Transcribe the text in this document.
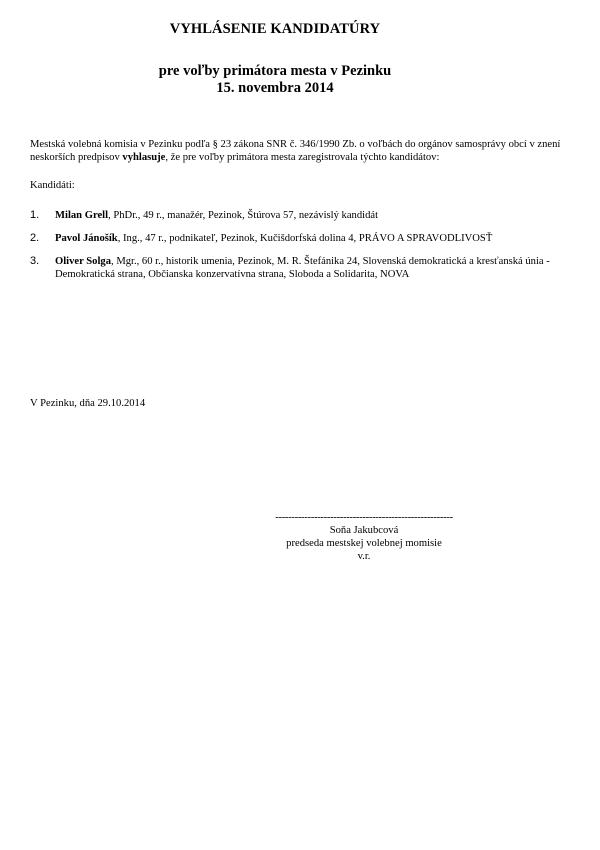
VYHLÁSENIE KANDIDATÚRY
pre voľby primátora mesta v Pezinku
15. novembra 2014

Mestská volebná komisia v Pezinku podľa § 23 zákona SNR č. 346/1990 Zb. o voľbách do orgánov samosprávy obcí v znení neskorších predpisov vyhlasuje, že pre voľby primátora mesta zaregistrovala týchto kandidátov:

Kandidáti:
1. Milan Grell, PhDr., 49 r., manažér, Pezinok, Štúrova 57, nezávislý kandidát
2. Pavol Jánošík, Ing., 47 r., podnikateľ, Pezinok, Kučišdorfská dolina 4, PRÁVO A SPRAVODLIVOSŤ
3. Oliver Solga, Mgr., 60 r., historik umenia, Pezinok, M. R. Štefánika 24, Slovenská demokratická a kresťanská únia - Demokratická strana, Občianska konzervatívna strana, Sloboda a Solidarita, NOVA
V Pezinku, dňa 29.10.2014
-------------------------------------------------------
Soňa Jakubcová
predseda mestskej volebnej momisie
v.r.
